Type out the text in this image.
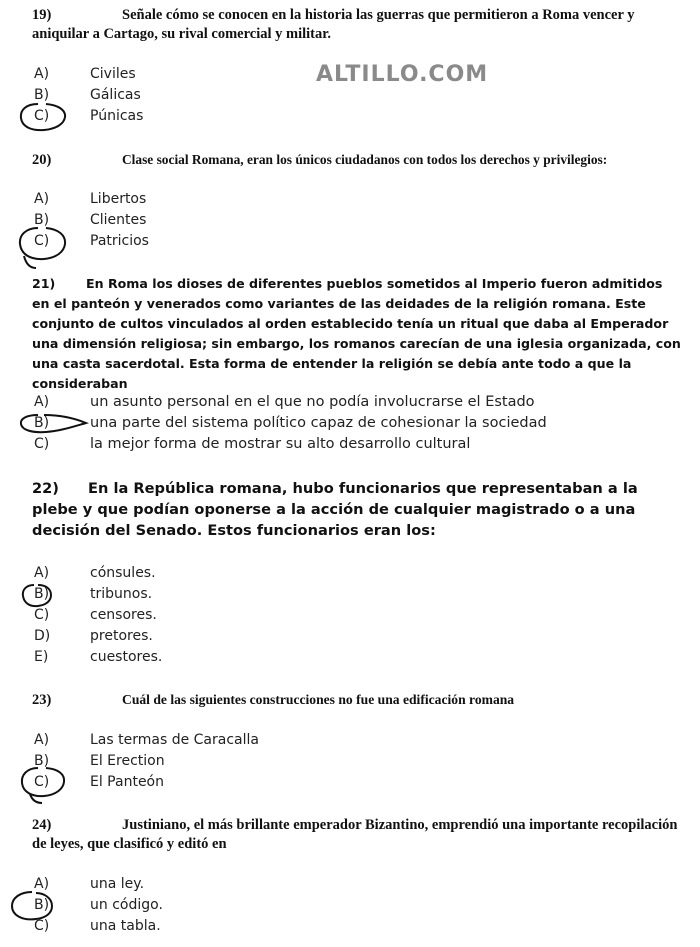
ALTILLO.COM

19)	Señale cómo se conocen en la historia las guerras que permitieron a Roma vencer y aniquilar a Cartago, su rival comercial y militar.

A)	Civiles
B)	Gálicas
C)	Púnicas

20)	Clase social Romana, eran los únicos ciudadanos con todos los derechos y privilegios:

A)	Libertos
B)	Clientes
C)	Patricios

21) En Roma los dioses de diferentes pueblos sometidos al Imperio fueron admitidos en el panteón y venerados como variantes de las deidades de la religión romana. Este conjunto de cultos vinculados al orden establecido tenía un ritual que daba al Emperador una dimensión religiosa; sin embargo, los romanos carecían de una iglesia organizada, con una casta sacerdotal. Esta forma de entender la religión se debía ante todo a que la consideraban

A)	un asunto personal en el que no podía involucrarse el Estado
B)	una parte del sistema político capaz de cohesionar la sociedad
C)	la mejor forma de mostrar su alto desarrollo cultural

22) En la República romana, hubo funcionarios que representaban a la plebe y que podían oponerse a la acción de cualquier magistrado o a una decisión del Senado. Estos funcionarios eran los:

A)	cónsules.
B)	tribunos.
C)	censores.
D)	pretores.
E)	cuestores.

23)	Cuál de las siguientes construcciones no fue una edificación romana

A)	Las termas de Caracalla
B)	El Erection
C)	El Panteón

24)	Justiniano, el más brillante emperador Bizantino, emprendió una importante recopilación de leyes, que clasificó y editó en

A)	una ley.
B)	un código.
C)	una tabla.
